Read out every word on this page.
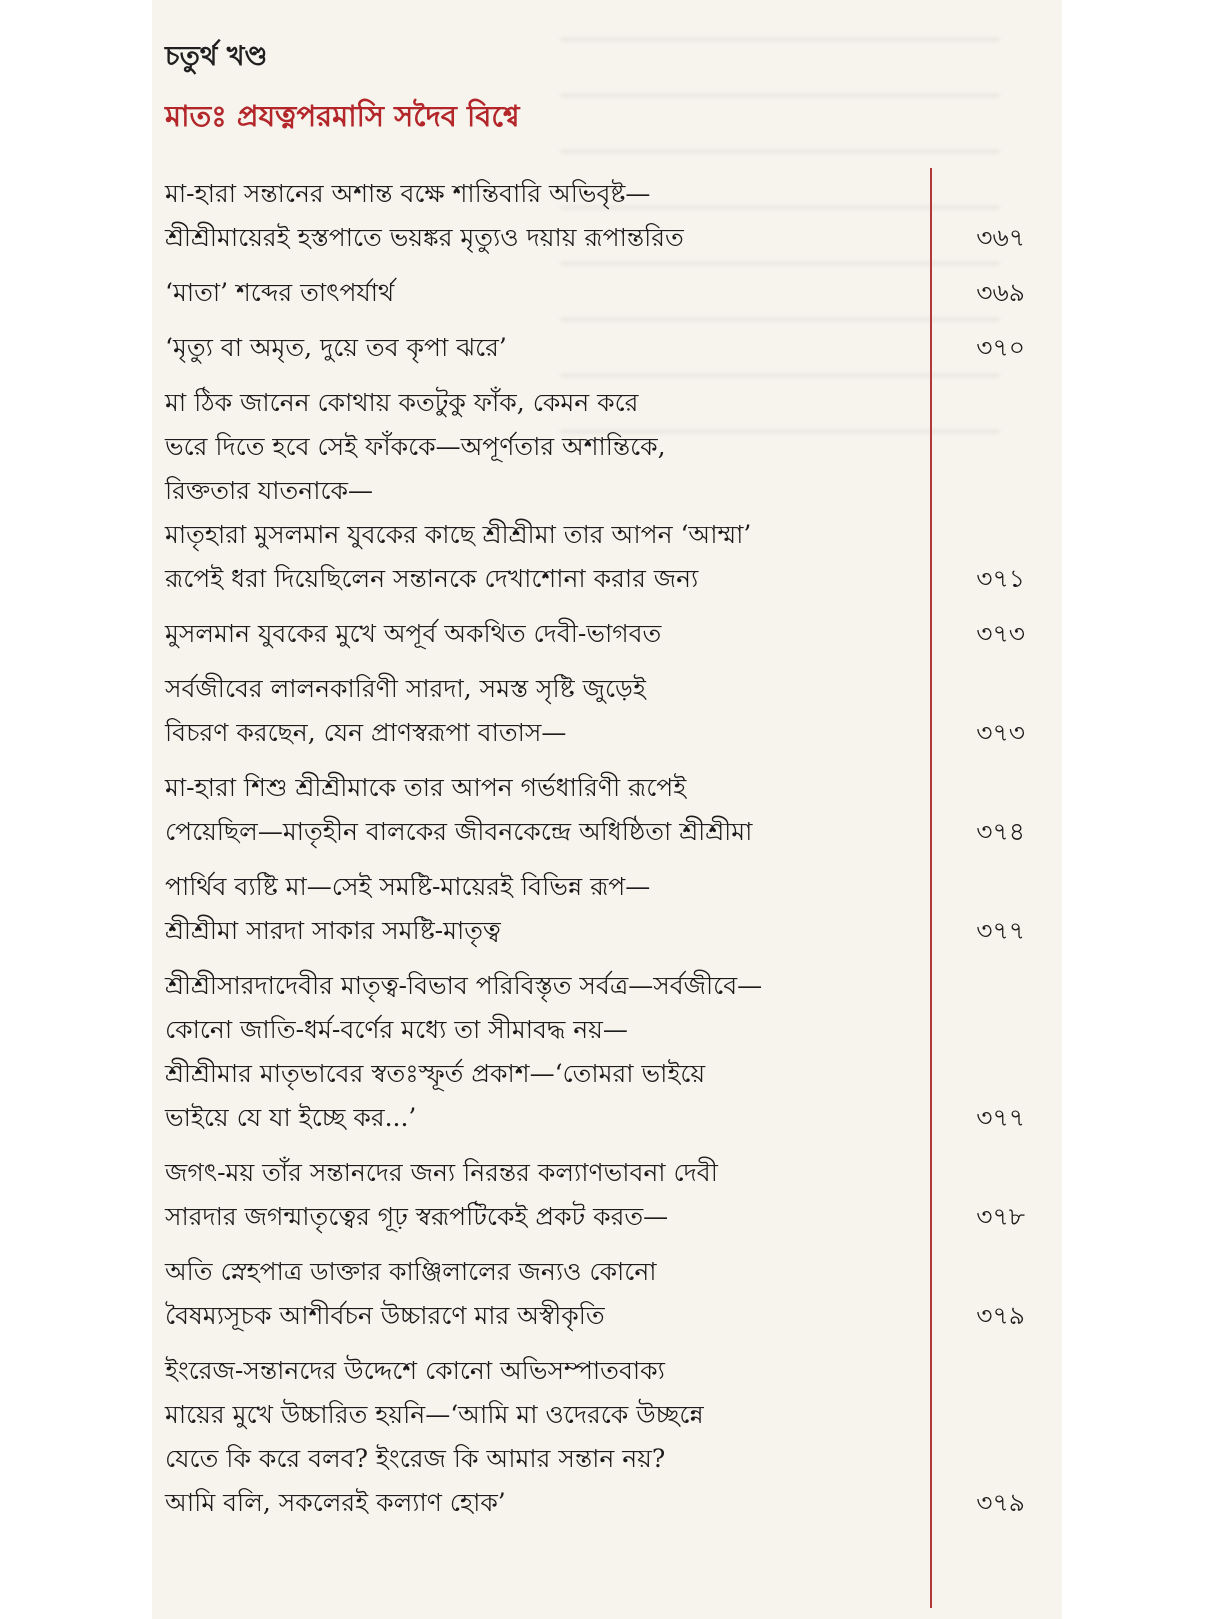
চতুর্থ খণ্ড
মাতঃ প্রযত্নপরমাসি সদৈব বিশ্বে
মা-হারা সন্তানের অশান্ত বক্ষে শান্তিবারি অভিবৃষ্ট—
শ্রীশ্রীমায়েরই হস্তপাতে ভয়ঙ্কর মৃত্যুও দয়ায় রূপান্তরিত	৩৬৭
‘মাতা’ শব্দের তাৎপর্যার্থ	৩৬৯
‘মৃত্যু বা অমৃত, দুয়ে তব কৃপা ঝরে’	৩৭০
মা ঠিক জানেন কোথায় কতটুকু ফাঁক, কেমন করে
ভরে দিতে হবে সেই ফাঁককে—অপূর্ণতার অশান্তিকে,
রিক্ততার যাতনাকে—
মাতৃহারা মুসলমান যুবকের কাছে শ্রীশ্রীমা তার আপন ‘আম্মা’
রূপেই ধরা দিয়েছিলেন সন্তানকে দেখাশোনা করার জন্য	৩৭১
মুসলমান যুবকের মুখে অপূর্ব অকথিত দেবী-ভাগবত	৩৭৩
সর্বজীবের লালনকারিণী সারদা, সমস্ত সৃষ্টি জুড়েই
বিচরণ করছেন, যেন প্রাণস্বরূপা বাতাস—	৩৭৩
মা-হারা শিশু শ্রীশ্রীমাকে তার আপন গর্ভধারিণী রূপেই
পেয়েছিল—মাতৃহীন বালকের জীবনকেন্দ্রে অধিষ্ঠিতা শ্রীশ্রীমা	৩৭৪
পার্থিব ব্যষ্টি মা—সেই সমষ্টি-মায়েরই বিভিন্ন রূপ—
শ্রীশ্রীমা সারদা সাকার সমষ্টি-মাতৃত্ব	৩৭৭
শ্রীশ্রীসারদাদেবীর মাতৃত্ব-বিভাব পরিবিস্তৃত সর্বত্র—সর্বজীবে—
কোনো জাতি-ধর্ম-বর্ণের মধ্যে তা সীমাবদ্ধ নয়—
শ্রীশ্রীমার মাতৃভাবের স্বতঃস্ফূর্ত প্রকাশ—‘তোমরা ভাইয়ে
ভাইয়ে যে যা ইচ্ছে কর...’	৩৭৭
জগৎ-ময় তাঁর সন্তানদের জন্য নিরন্তর কল্যাণভাবনা দেবী
সারদার জগন্মাতৃত্বের গূঢ় স্বরূপটিকেই প্রকট করত—	৩৭৮
অতি স্নেহপাত্র ডাক্তার কাঞ্জিলালের জন্যও কোনো
বৈষম্যসূচক আশীর্বচন উচ্চারণে মার অস্বীকৃতি	৩৭৯
ইংরেজ-সন্তানদের উদ্দেশে কোনো অভিসম্পাতবাক্য
মায়ের মুখে উচ্চারিত হয়নি—‘আমি মা ওদেরকে উচ্ছন্নে
যেতে কি করে বলব? ইংরেজ কি আমার সন্তান নয়?
আমি বলি, সকলেরই কল্যাণ হোক’	৩৭৯
